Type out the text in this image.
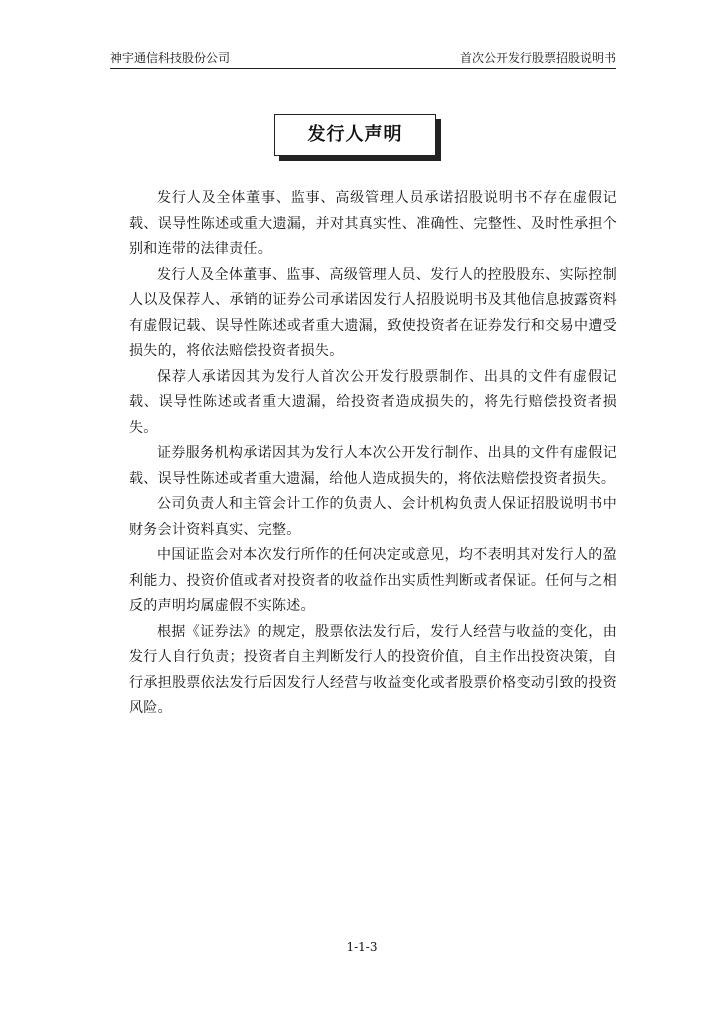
神宇通信科技股份公司	首次公开发行股票招股说明书
发行人声明

发行人及全体董事、监事、高级管理人员承诺招股说明书不存在虚假记载、误导性陈述或重大遗漏，并对其真实性、准确性、完整性、及时性承担个别和连带的法律责任。

发行人及全体董事、监事、高级管理人员、发行人的控股股东、实际控制人以及保荐人、承销的证券公司承诺因发行人招股说明书及其他信息披露资料有虚假记载、误导性陈述或者重大遗漏，致使投资者在证券发行和交易中遭受损失的，将依法赔偿投资者损失。

保荐人承诺因其为发行人首次公开发行股票制作、出具的文件有虚假记载、误导性陈述或者重大遗漏，给投资者造成损失的，将先行赔偿投资者损失。

证券服务机构承诺因其为发行人本次公开发行制作、出具的文件有虚假记载、误导性陈述或者重大遗漏，给他人造成损失的，将依法赔偿投资者损失。

公司负责人和主管会计工作的负责人、会计机构负责人保证招股说明书中财务会计资料真实、完整。

中国证监会对本次发行所作的任何决定或意见，均不表明其对发行人的盈利能力、投资价值或者对投资者的收益作出实质性判断或者保证。任何与之相反的声明均属虚假不实陈述。

根据《证券法》的规定，股票依法发行后，发行人经营与收益的变化，由发行人自行负责；投资者自主判断发行人的投资价值，自主作出投资决策，自行承担股票依法发行后因发行人经营与收益变化或者股票价格变动引致的投资风险。

1-1-3
